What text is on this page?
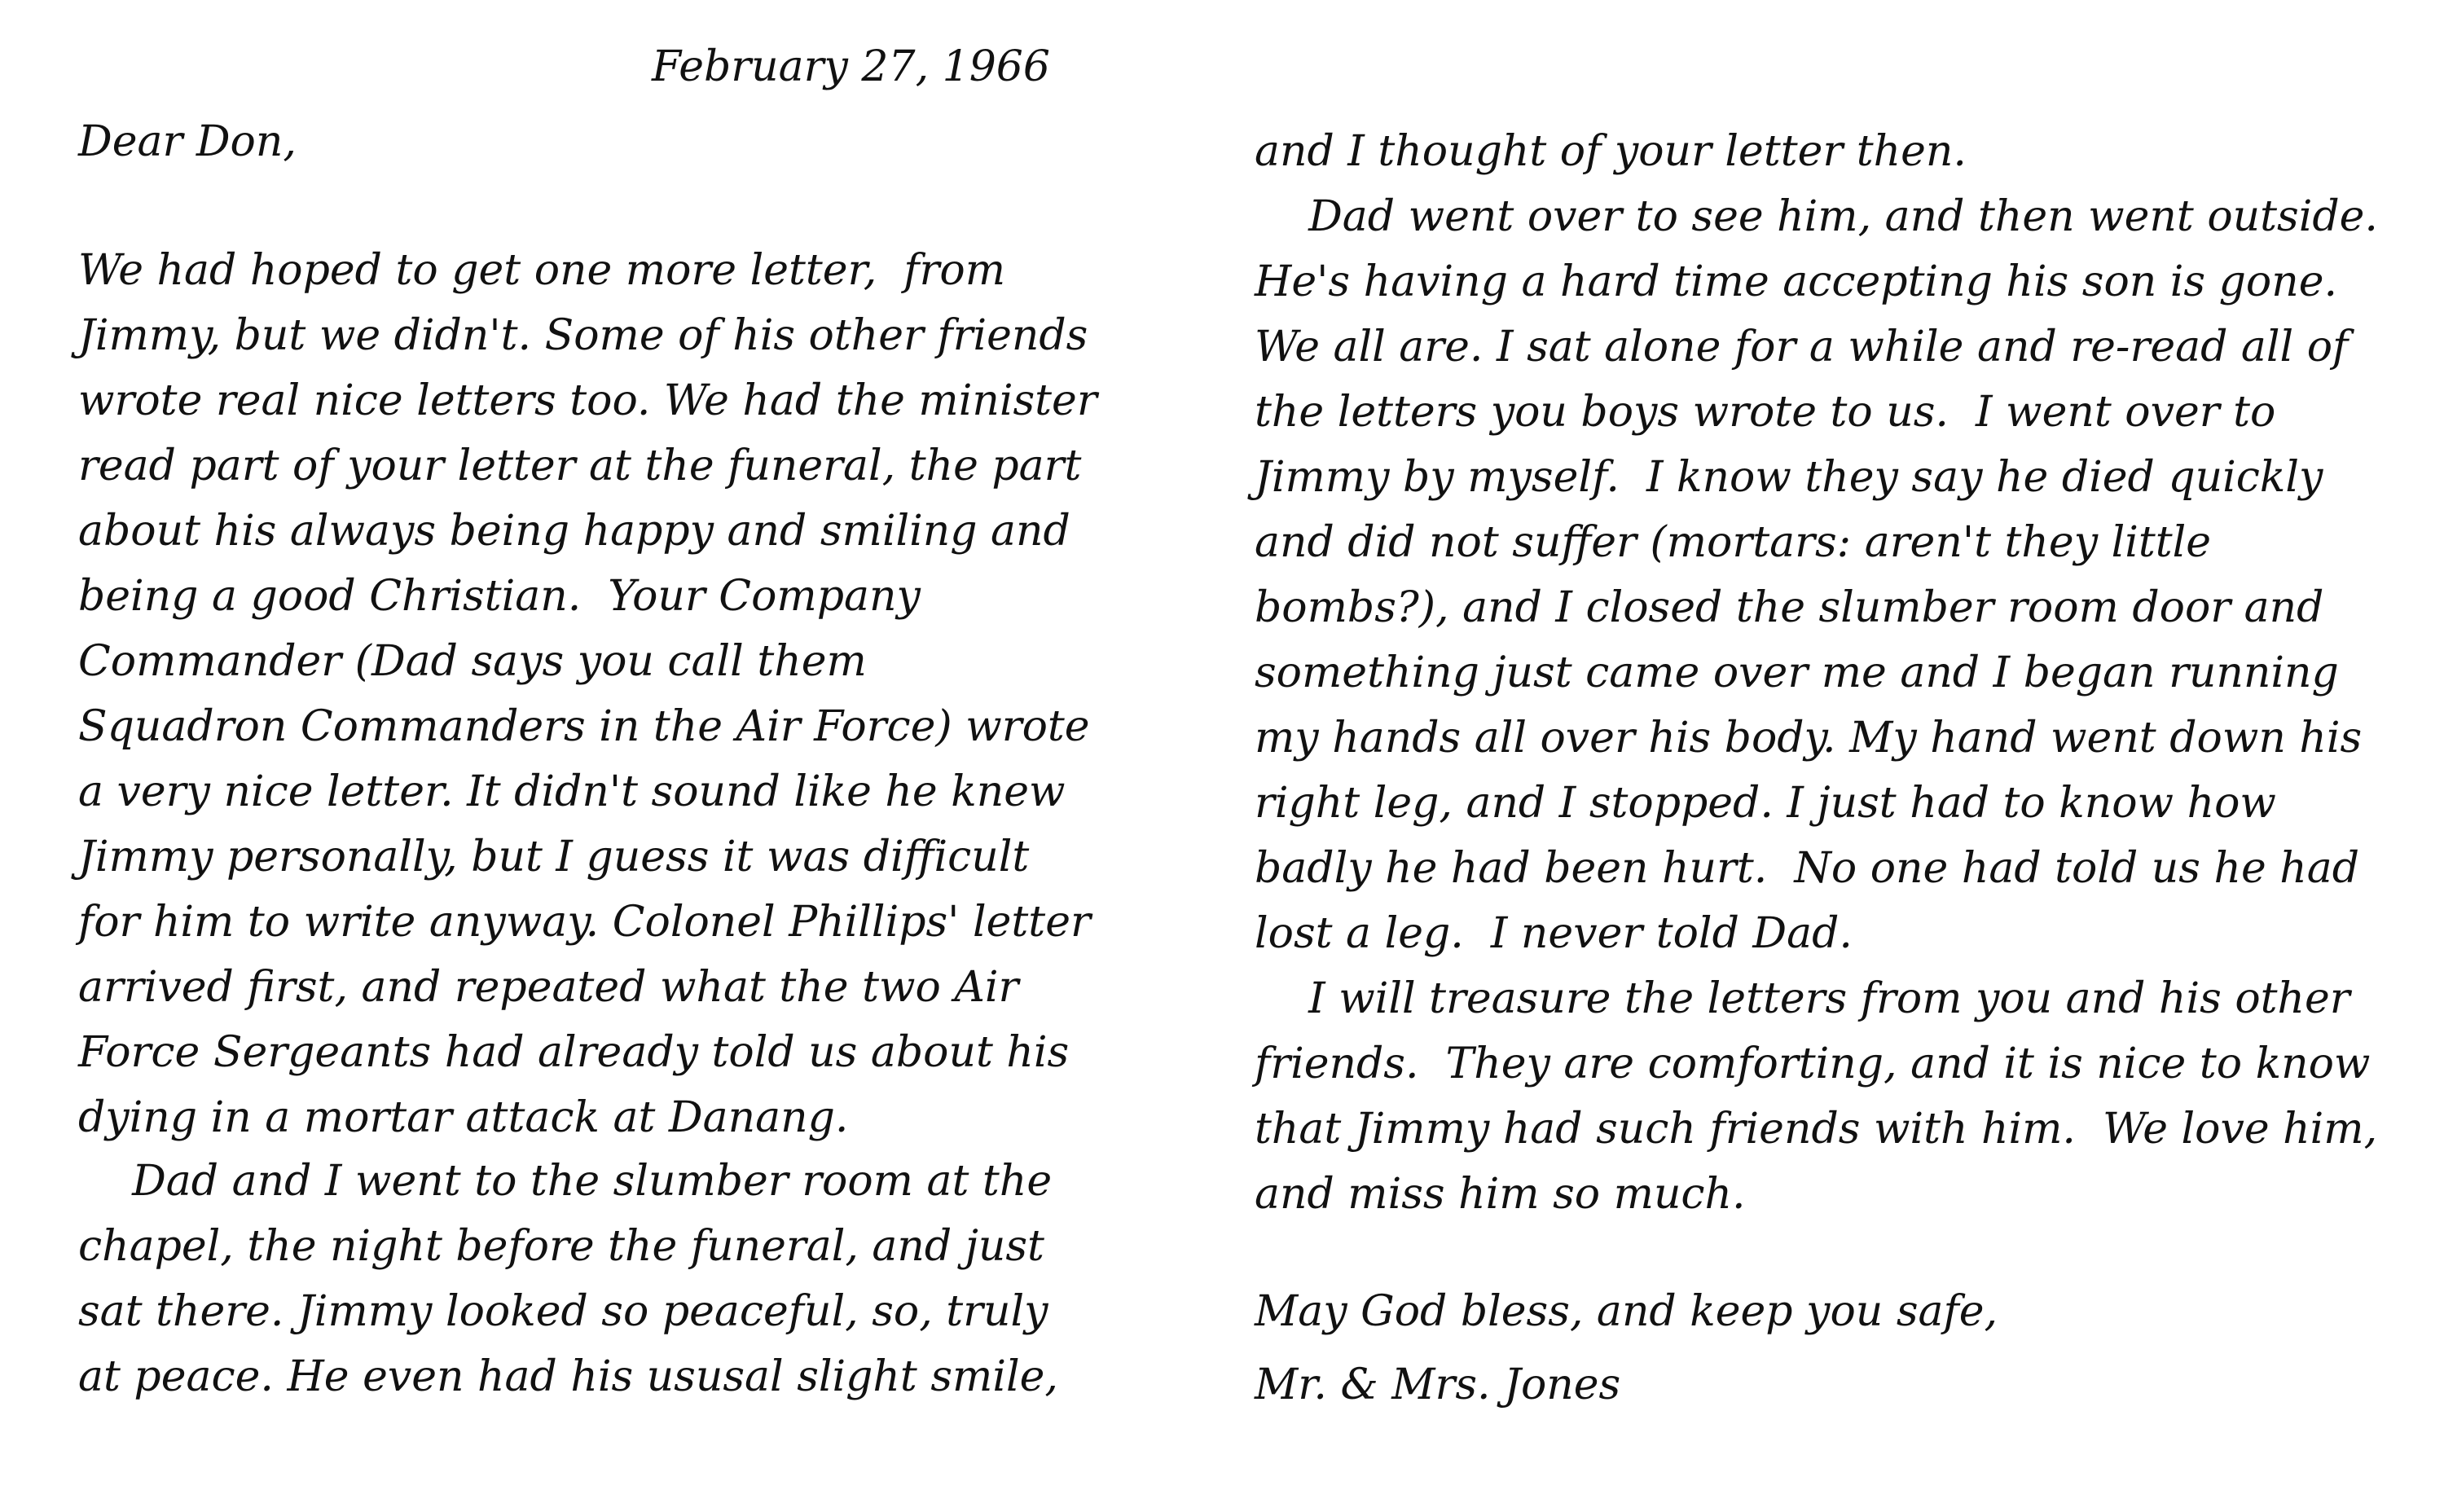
February 27, 1966
Dear Don,
We had hoped to get one more letter,  from
Jimmy, but we didn't. Some of his other friends
wrote real nice letters too. We had the minister
read part of your letter at the funeral, the part
about his always being happy and smiling and
being a good Christian.  Your Company
Commander (Dad says you call them
Squadron Commanders in the Air Force) wrote
a very nice letter. It didn't sound like he knew
Jimmy personally, but I guess it was difficult
for him to write anyway. Colonel Phillips' letter
arrived first, and repeated what the two Air
Force Sergeants had already told us about his
dying in a mortar attack at Danang.
Dad and I went to the slumber room at the
chapel, the night before the funeral, and just
sat there. Jimmy looked so peaceful, so, truly
at peace. He even had his ususal slight smile,
and I thought of your letter then.
Dad went over to see him, and then went outside.
He's having a hard time accepting his son is gone.
We all are. I sat alone for a while and re-read all of
the letters you boys wrote to us.  I went over to
Jimmy by myself.  I know they say he died quickly
and did not suffer (mortars: aren't they little
bombs?), and I closed the slumber room door and
something just came over me and I began running
my hands all over his body. My hand went down his
right leg, and I stopped. I just had to know how
badly he had been hurt.  No one had told us he had
lost a leg.  I never told Dad.
I will treasure the letters from you and his other
friends.  They are comforting, and it is nice to know
that Jimmy had such friends with him.  We love him,
and miss him so much.
May God bless, and keep you safe,
Mr. & Mrs. Jones
